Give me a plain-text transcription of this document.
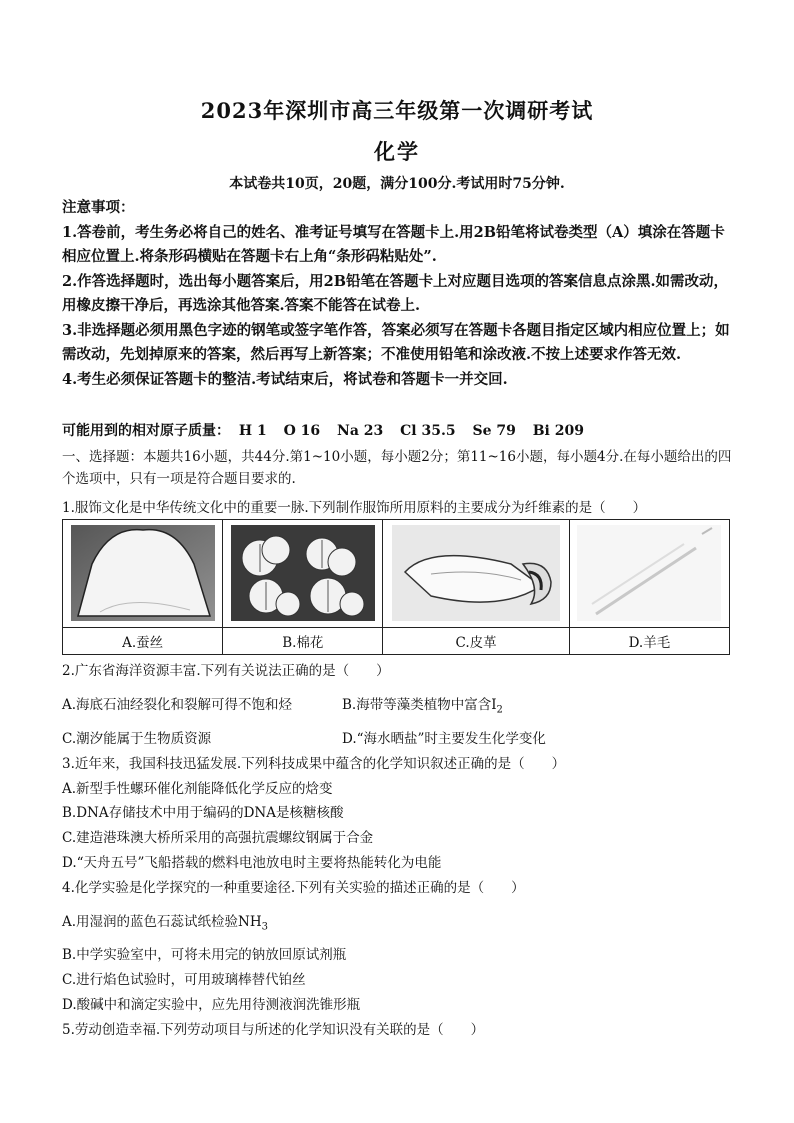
2023年深圳市高三年级第一次调研考试
化学
本试卷共10页，20题，满分100分.考试用时75分钟.

注意事项：

1.答卷前，考生务必将自己的姓名、准考证号填写在答题卡上.用2B铅笔将试卷类型（A）填涂在答题卡相应位置上.将条形码横贴在答题卡右上角“条形码粘贴处”.

2.作答选择题时，选出每小题答案后，用2B铅笔在答题卡上对应题目选项的答案信息点涂黑.如需改动，用橡皮擦干净后，再选涂其他答案.答案不能答在试卷上.

3.非选择题必须用黑色字迹的钢笔或签字笔作答，答案必须写在答题卡各题目指定区域内相应位置上；如需改动，先划掉原来的答案，然后再写上新答案；不准使用铅笔和涂改液.不按上述要求作答无效.

4.考生必须保证答题卡的整洁.考试结束后，将试卷和答题卡一并交回.

可能用到的相对原子质量： H 1 O 16 Na 23 Cl 35.5 Se 79 Bi 209
一、选择题：本题共16小题，共44分.第1~10小题，每小题2分；第11~16小题，每小题4分.在每小题给出的四个选项中，只有一项是符合题目要求的.
1.服饰文化是中华传统文化中的重要一脉.下列制作服饰所用原料的主要成分为纤维素的是（　　）

A.蚕丝	B.棉花	C.皮革	D.羊毛
2.广东省海洋资源丰富.下列有关说法正确的是（　　）
A.海底石油经裂化和裂解可得不饱和烃	B.海带等藻类植物中富含$I_2$
C.潮汐能属于生物质资源	D.“海水晒盐”时主要发生化学变化
3.近年来，我国科技迅猛发展.下列科技成果中蕴含的化学知识叙述正确的是（　　）
A.新型手性螺环催化剂能降低化学反应的焓变
B.DNA存储技术中用于编码的DNA是核糖核酸
C.建造港珠澳大桥所采用的高强抗震螺纹钢属于合金
D.“天舟五号”飞船搭载的燃料电池放电时主要将热能转化为电能
4.化学实验是化学探究的一种重要途径.下列有关实验的描述正确的是（　　）
A.用湿润的蓝色石蕊试纸检验$NH_3$
B.中学实验室中，可将未用完的钠放回原试剂瓶
C.进行焰色试验时，可用玻璃棒替代铂丝
D.酸碱中和滴定实验中，应先用待测液润洗锥形瓶
5.劳动创造幸福.下列劳动项目与所述的化学知识没有关联的是（　　）
